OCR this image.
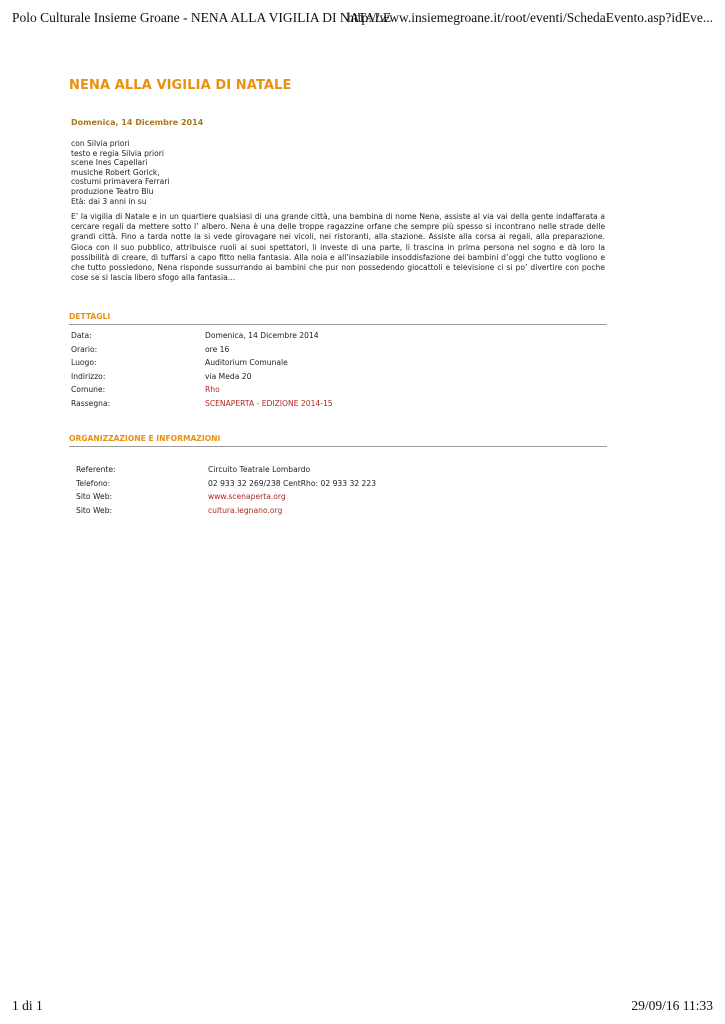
Polo Culturale Insieme Groane - NENA ALLA VIGILIA DI NATALE
http://www.insiemegroane.it/root/eventi/SchedaEvento.asp?idEve...
NENA ALLA VIGILIA DI NATALE
Domenica, 14 Dicembre 2014
con Silvia priori
testo e regia Silvia priori
scene Ines Capellari
musiche Robert Gorick,
costumi primavera Ferrari
produzione Teatro Blu
Età: dai 3 anni in su

E’ la vigilia di Natale e in un quartiere qualsiasi di una grande città, una bambina di nome Nena, assiste al via vai della gente indaffarata a cercare regali da mettere sotto l’ albero. Nena è una delle troppe ragazzine orfane che sempre più spesso si incontrano nelle strade delle grandi città. Fino a tarda notte la si vede girovagare nei vicoli, nei ristoranti, alla stazione. Assiste alla corsa ai regali, alla preparazione. Gioca con il suo pubblico, attribuisce ruoli ai suoi spettatori, li investe di una parte, li trascina in prima persona nel sogno e dà loro la possibilità di creare, di tuffarsi a capo fitto nella fantasia. Alla noia e all’insaziabile insoddisfazione dei bambini d’oggi che tutto vogliono e che tutto possiedono, Nena risponde sussurrando ai bambini che pur non possedendo giocattoli e televisione ci si po’ divertire con poche cose se si lascia libero sfogo alla fantasia...

DETTAGLI
Data:	Domenica, 14 Dicembre 2014
Orario:	ore 16
Luogo:	Auditorium Comunale
Indirizzo:	via Meda 20
Comune:	Rho
Rassegna:	SCENAPERTA - EDIZIONE 2014-15
ORGANIZZAZIONE E INFORMAZIONI
Referente:	Circuito Teatrale Lombardo
Telefono:	02 933 32 269/238 CentRho: 02 933 32 223
Sito Web:	www.scenaperta.org
Sito Web:	cultura.legnano.org
1 di 1	29/09/16 11:33
